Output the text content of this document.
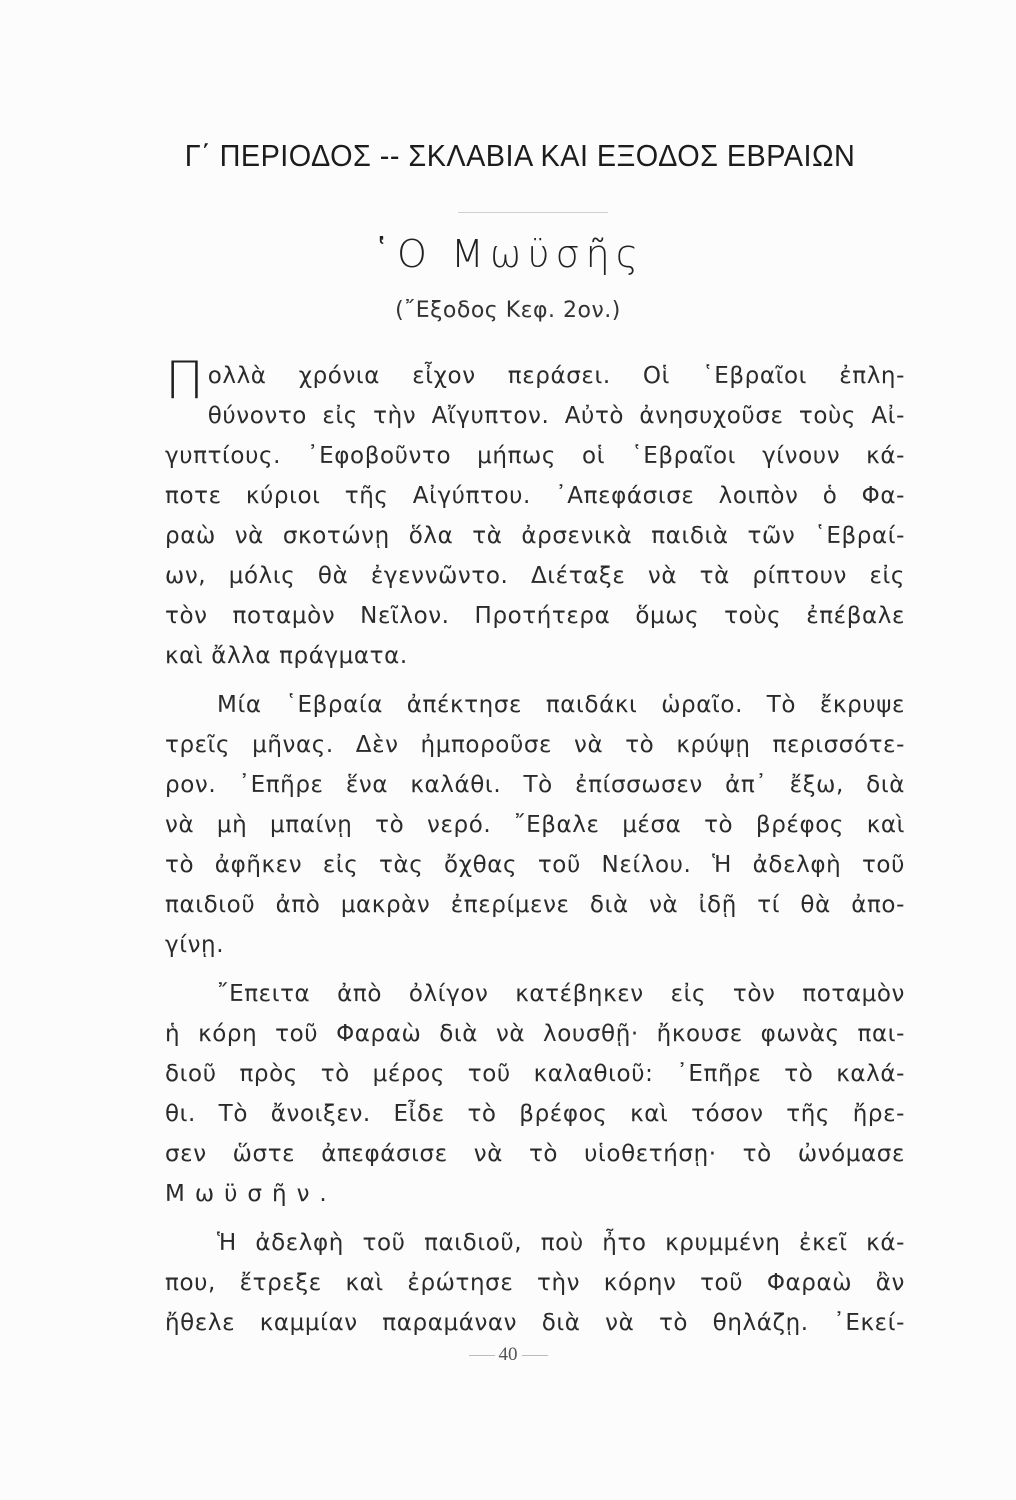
Γ΄ ΠΕΡΙΟΔΟΣ -- ΣΚΛΑΒΙΑ ΚΑΙ ΕΞΟΔΟΣ ΕΒΡΑΙΩΝ
῾Ο Μωϋσῆς
(῎Εξοδος Κεφ. 2ον.)
Π ολλὰ χρόνια εἶχον περάσει. Οἱ ῾Εβραῖοι ἐπλη-
θύνοντο εἰς τὴν Αἴγυπτον. Αὐτὸ ἀνησυχοῦσε τοὺς Αἰ-
γυπτίους. ᾿Εφοβοῦντο μήπως οἱ ῾Εβραῖοι γίνουν κά-
ποτε κύριοι τῆς Αἰγύπτου. ᾿Απεφάσισε λοιπὸν ὁ Φα-
ραὼ νὰ σκοτώνῃ ὅλα τὰ ἀρσενικὰ παιδιὰ τῶν ῾Εβραί-
ων, μόλις θὰ ἐγεννῶντο. Διέταξε νὰ τὰ ρίπτουν εἰς
τὸν ποταμὸν Νεῖλον. Προτήτερα ὅμως τοὺς ἐπέβαλε
καὶ ἄλλα πράγματα.
Μία ῾Εβραία ἀπέκτησε παιδάκι ὡραῖο. Τὸ ἔκρυψε
τρεῖς μῆνας. Δὲν ἠμποροῦσε νὰ τὸ κρύψῃ περισσότε-
ρον. ᾿Επῆρε ἕνα καλάθι. Τὸ ἐπίσσωσεν ἀπ᾿ ἔξω, διὰ
νὰ μὴ μπαίνῃ τὸ νερό. ῎Εβαλε μέσα τὸ βρέφος καὶ
τὸ ἀφῆκεν εἰς τὰς ὄχθας τοῦ Νείλου. Ἡ ἀδελφὴ τοῦ
παιδιοῦ ἀπὸ μακρὰν ἐπερίμενε διὰ νὰ ἰδῇ τί θὰ ἀπο-
γίνῃ.
῎Επειτα ἀπὸ ὀλίγον κατέβηκεν εἰς τὸν ποταμὸν
ἡ κόρη τοῦ Φαραὼ διὰ νὰ λουσθῇ· ἤκουσε φωνὰς παι-
διοῦ πρὸς τὸ μέρος τοῦ καλαθιοῦ: ᾿Επῆρε τὸ καλά-
θι. Τὸ ἄνοιξεν. Εἶδε τὸ βρέφος καὶ τόσον τῆς ἤρε-
σεν ὥστε ἀπεφάσισε νὰ τὸ υἱοθετήσῃ· τὸ ὠνόμασε
Μωϋσῆν.
Ἡ ἀδελφὴ τοῦ παιδιοῦ, ποὺ ἦτο κρυμμένη ἐκεῖ κά-
που, ἔτρεξε καὶ ἐρώτησε τὴν κόρην τοῦ Φαραὼ ἂν
ἤθελε καμμίαν παραμάναν διὰ νὰ τὸ θηλάζῃ. ᾿Εκεί-
40
